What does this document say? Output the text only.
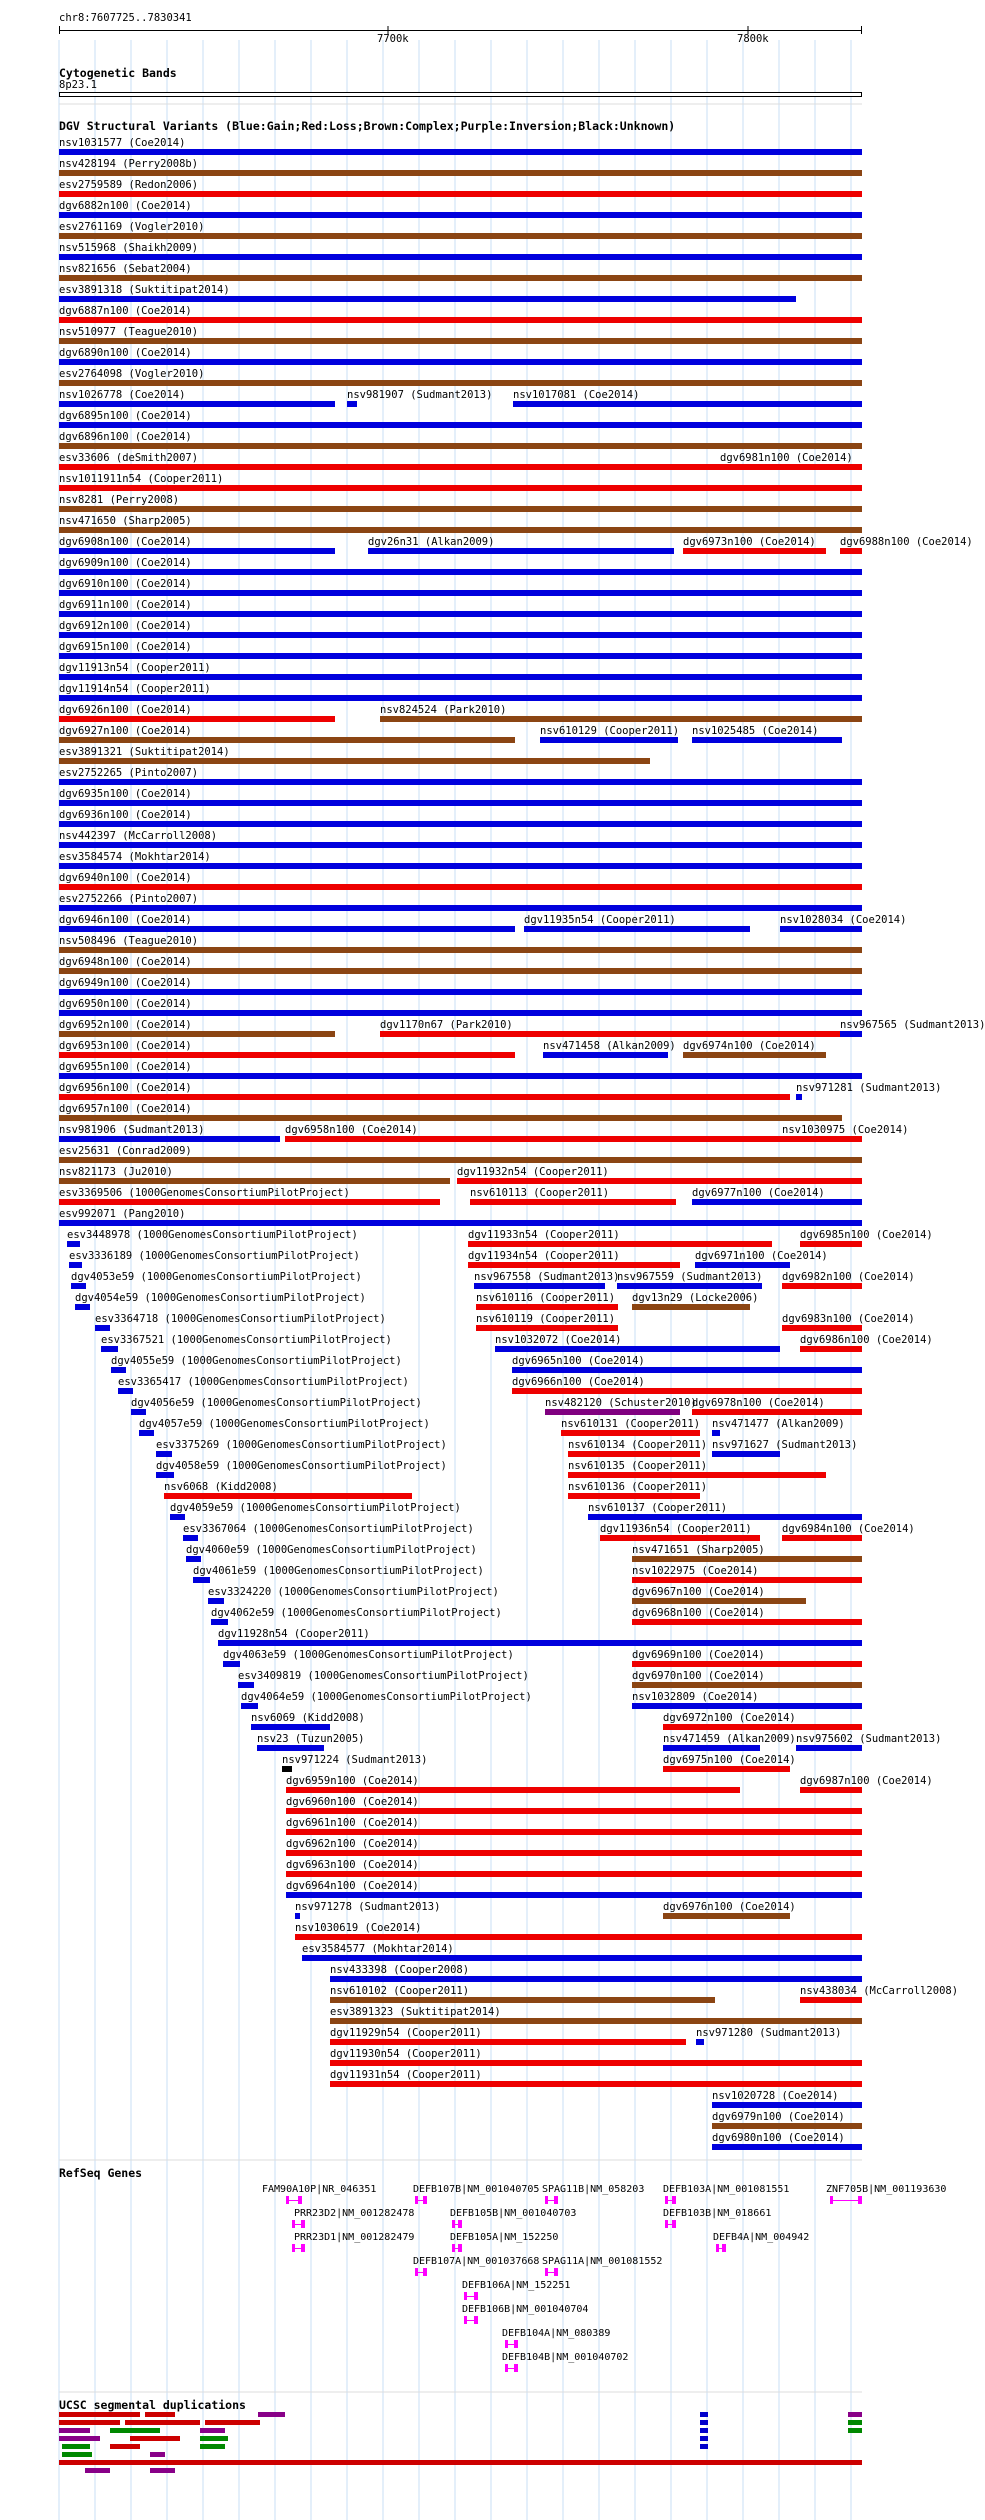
chr8:7607725..7830341
7700k	7800k
Cytogenetic Bands
8p23.1
DGV Structural Variants (Blue:Gain;Red:Loss;Brown:Complex;Purple:Inversion;Black:Unknown)
nsv1031577 (Coe2014)
nsv428194 (Perry2008b)
esv2759589 (Redon2006)
dgv6882n100 (Coe2014)
esv2761169 (Vogler2010)
nsv515968 (Shaikh2009)
nsv821656 (Sebat2004)
esv3891318 (Suktitipat2014)
dgv6887n100 (Coe2014)
nsv510977 (Teague2010)
dgv6890n100 (Coe2014)
esv2764098 (Vogler2010)
nsv1026778 (Coe2014)	nsv981907 (Sudmant2013) nsv1017081 (Coe2014)
dgv6895n100 (Coe2014)
dgv6896n100 (Coe2014)
esv33606 (deSmith2007)	dgv6981n100 (Coe2014)
nsv1011911n54 (Cooper2011)
nsv8281 (Perry2008)
nsv471650 (Sharp2005)
dgv6908n100 (Coe2014)	dgv26n31 (Alkan2009)	dgv6973n100 (Coe2014) dgv6988n100 (Coe2014)
dgv6909n100 (Coe2014)
dgv6910n100 (Coe2014)
dgv6911n100 (Coe2014)
dgv6912n100 (Coe2014)
dgv6915n100 (Coe2014)
dgv11913n54 (Cooper2011)
dgv11914n54 (Cooper2011)
dgv6926n100 (Coe2014)	nsv824524 (Park2010)
dgv6927n100 (Coe2014)	nsv610129 (Cooper2011) nsv1025485 (Coe2014)
esv3891321 (Suktitipat2014)
esv2752265 (Pinto2007)
dgv6935n100 (Coe2014)
dgv6936n100 (Coe2014)
nsv442397 (McCarroll2008)
esv3584574 (Mokhtar2014)
dgv6940n100 (Coe2014)
esv2752266 (Pinto2007)
dgv6946n100 (Coe2014)	dgv11935n54 (Cooper2011)	nsv1028034 (Coe2014)
nsv508496 (Teague2010)
dgv6948n100 (Coe2014)
dgv6949n100 (Coe2014)
dgv6950n100 (Coe2014)
dgv6952n100 (Coe2014)	dgv1170n67 (Park2010)	nsv967565 (Sudmant2013)
dgv6953n100 (Coe2014)	nsv471458 (Alkan2009) dgv6974n100 (Coe2014)
dgv6955n100 (Coe2014)
dgv6956n100 (Coe2014)	nsv971281 (Sudmant2013)
dgv6957n100 (Coe2014)
nsv981906 (Sudmant2013)	dgv6958n100 (Coe2014)	nsv1030975 (Coe2014)
esv25631 (Conrad2009)
nsv821173 (Ju2010)	dgv11932n54 (Cooper2011)
esv3369506 (1000GenomesConsortiumPilotProject)	nsv610113 (Cooper2011)	dgv6977n100 (Coe2014)
esv992071 (Pang2010)
esv3448978 (1000GenomesConsortiumPilotProject)	dgv11933n54 (Cooper2011)	dgv6985n100 (Coe2014)
esv3336189 (1000GenomesConsortiumPilotProject)	dgv11934n54 (Cooper2011)	dgv6971n100 (Coe2014)
dgv4053e59 (1000GenomesConsortiumPilotProject)	nsv967558 (Sudmant2013)
nsv967559 (Sudmant2013) dgv6982n100 (Coe2014)
dgv4054e59 (1000GenomesConsortiumPilotProject)	nsv610116 (Cooper2011) dgv13n29 (Locke2006)
esv3364718 (1000GenomesConsortiumPilotProject)	nsv610119 (Cooper2011)	dgv6983n100 (Coe2014)
esv3367521 (1000GenomesConsortiumPilotProject)	nsv1032072 (Coe2014)	dgv6986n100 (Coe2014)
dgv4055e59 (1000GenomesConsortiumPilotProject)	dgv6965n100 (Coe2014)
esv3365417 (1000GenomesConsortiumPilotProject)	dgv6966n100 (Coe2014)
dgv4056e59 (1000GenomesConsortiumPilotProject)	nsv482120 (Schuster2010)
dgv6978n100 (Coe2014)
dgv4057e59 (1000GenomesConsortiumPilotProject)	nsv610131 (Cooper2011) nsv471477 (Alkan2009)
esv3375269 (1000GenomesConsortiumPilotProject)	nsv610134 (Cooper2011) nsv971627 (Sudmant2013)
dgv4058e59 (1000GenomesConsortiumPilotProject)	nsv610135 (Cooper2011)
nsv6068 (Kidd2008)	nsv610136 (Cooper2011)
dgv4059e59 (1000GenomesConsortiumPilotProject)	nsv610137 (Cooper2011)
esv3367064 (1000GenomesConsortiumPilotProject)	dgv11936n54 (Cooper2011)	dgv6984n100 (Coe2014)
dgv4060e59 (1000GenomesConsortiumPilotProject)	nsv471651 (Sharp2005)
dgv4061e59 (1000GenomesConsortiumPilotProject)	nsv1022975 (Coe2014)
esv3324220 (1000GenomesConsortiumPilotProject)	dgv6967n100 (Coe2014)
dgv4062e59 (1000GenomesConsortiumPilotProject)	dgv6968n100 (Coe2014)
dgv11928n54 (Cooper2011)
dgv4063e59 (1000GenomesConsortiumPilotProject)	dgv6969n100 (Coe2014)
esv3409819 (1000GenomesConsortiumPilotProject)	dgv6970n100 (Coe2014)
dgv4064e59 (1000GenomesConsortiumPilotProject)	nsv1032809 (Coe2014)
nsv6069 (Kidd2008)	dgv6972n100 (Coe2014)
nsv23 (Tuzun2005)	nsv471459 (Alkan2009) nsv975602 (Sudmant2013)
nsv971224 (Sudmant2013)	dgv6975n100 (Coe2014)
dgv6959n100 (Coe2014)	dgv6987n100 (Coe2014)
dgv6960n100 (Coe2014)
dgv6961n100 (Coe2014)
dgv6962n100 (Coe2014)
dgv6963n100 (Coe2014)
dgv6964n100 (Coe2014)
nsv971278 (Sudmant2013)	dgv6976n100 (Coe2014)
nsv1030619 (Coe2014)
esv3584577 (Mokhtar2014)
nsv433398 (Cooper2008)
nsv438034 (McCarroll2008)
nsv610102 (Cooper2011)
esv3891323 (Suktitipat2014)
dgv11929n54 (Cooper2011)	nsv971280 (Sudmant2013)
dgv11930n54 (Cooper2011)
dgv11931n54 (Cooper2011)
nsv1020728 (Coe2014)
dgv6979n100 (Coe2014)
dgv6980n100 (Coe2014)
RefSeq Genes
FAM90A10P|NR_046351	DEFB107B|NM_001040705 SPAG11B|NM_058203 DEFB103A|NM_001081551	ZNF705B|NM_001193630
PRR23D2|NM_001282478	DEFB105B|NM_001040703	DEFB103B|NM_018661
PRR23D1|NM_001282479	DEFB105A|NM_152250	DEFB4A|NM_004942
DEFB107A|NM_001037668 SPAG11A|NM_001081552
DEFB106A|NM_152251
DEFB106B|NM_001040704
DEFB104A|NM_080389
DEFB104B|NM_001040702
UCSC segmental duplications
